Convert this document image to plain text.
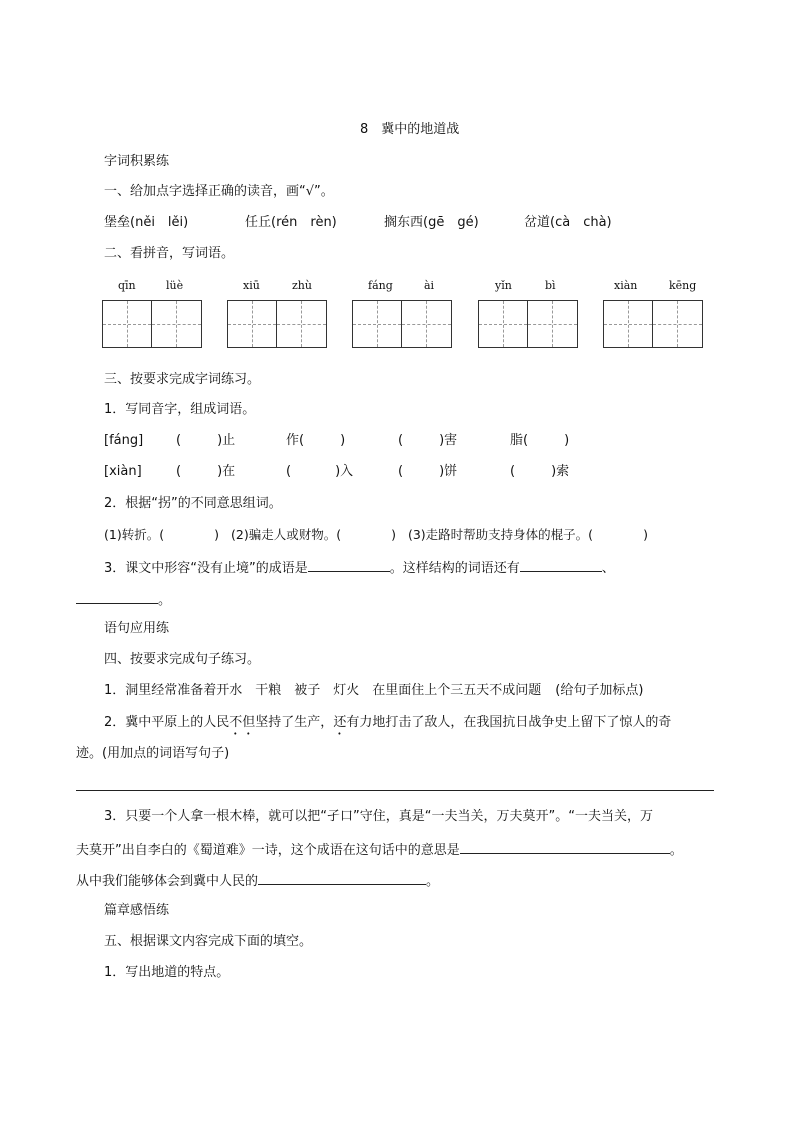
8　冀中的地道战
字词积累练
一、给加点字选择正确的读音，画“√”。
堡垒(něi　lěi)	任丘(rén　rèn)	搁东西(gē　gé)	岔道(cà　chà)
二、看拼音，写词语。
qīn	lüè	xiū	zhù	fáng	ài	yǐn	bì	xiàn	kēng
三、按要求完成字词练习。
1．写同音字，组成词语。
[fáng]	(	)止	作(	)	(	)害	脂(	)
[xiàn]	(	)在	(	)入	(	)饼	(	)索
2．根据“拐”的不同意思组词。
(1)转折。(	) (2)骗走人或财物。(	) (3)走路时帮助支持身体的棍子。(	)
3．课文中形容“没有止境”的成语是	。这样结构的词语还有	、
。
语句应用练
四、按要求完成句子练习。
1．洞里经常准备着开水　干粮　被子　灯火　在里面住上个三五天不成问题 (给句子加标点)
2．冀中平原上的人民不但坚持了生产，还有力地打击了敌人，在我国抗日战争史上留下了惊人的奇
迹。(用加点的词语写句子)
3．只要一个人拿一根木棒，就可以把“孑口”守住，真是“一夫当关，万夫莫开”。“一夫当关，万
夫莫开”出自李白的《蜀道难》一诗，这个成语在这句话中的意思是	。
从中我们能够体会到冀中人民的	。
篇章感悟练
五、根据课文内容完成下面的填空。
1．写出地道的特点。
